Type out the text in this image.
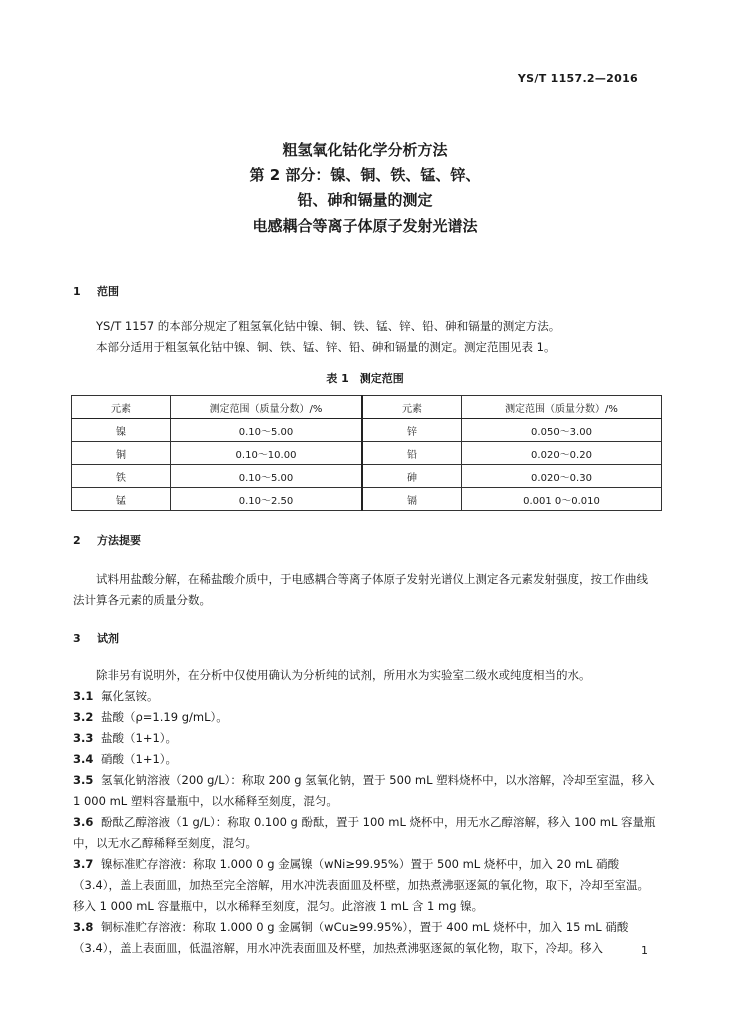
YS/T 1157.2—2016
粗氢氧化钴化学分析方法
第 2 部分：镍、铜、铁、锰、锌、
铅、砷和镉量的测定
电感耦合等离子体原子发射光谱法
1 范围
YS/T 1157 的本部分规定了粗氢氧化钴中镍、铜、铁、锰、锌、铅、砷和镉量的测定方法。
本部分适用于粗氢氧化钴中镍、铜、铁、锰、锌、铅、砷和镉量的测定。测定范围见表 1。
表 1　测定范围
元素	测定范围（质量分数）/%	元素	测定范围（质量分数）/%
镍	0.10～5.00	锌	0.050～3.00
铜	0.10～10.00	铅	0.020～0.20
铁	0.10～5.00	砷	0.020～0.30
锰	0.10～2.50	镉	0.001 0～0.010
2 方法提要
试料用盐酸分解，在稀盐酸介质中，于电感耦合等离子体原子发射光谱仪上测定各元素发射强度，按工作曲线法计算各元素的质量分数。
3 试剂
除非另有说明外，在分析中仅使用确认为分析纯的试剂，所用水为实验室二级水或纯度相当的水。
3.1 氟化氢铵。
3.2 盐酸（ρ=1.19 g/mL）。
3.3 盐酸（1+1）。
3.4 硝酸（1+1）。
3.5 氢氧化钠溶液（200 g/L）：称取 200 g 氢氧化钠，置于 500 mL 塑料烧杯中，以水溶解，冷却至室温，移入 1 000 mL 塑料容量瓶中，以水稀释至刻度，混匀。
3.6 酚酞乙醇溶液（1 g/L）：称取 0.100 g 酚酞，置于 100 mL 烧杯中，用无水乙醇溶解，移入 100 mL 容量瓶中，以无水乙醇稀释至刻度，混匀。
3.7 镍标准贮存溶液：称取 1.000 0 g 金属镍（wNi≥99.95%）置于 500 mL 烧杯中，加入 20 mL 硝酸（3.4），盖上表面皿，加热至完全溶解，用水冲洗表面皿及杯壁，加热煮沸驱逐氮的氧化物，取下，冷却至室温。移入 1 000 mL 容量瓶中，以水稀释至刻度，混匀。此溶液 1 mL 含 1 mg 镍。
3.8 铜标准贮存溶液：称取 1.000 0 g 金属铜（wCu≥99.95%），置于 400 mL 烧杯中，加入 15 mL 硝酸（3.4），盖上表面皿，低温溶解，用水冲洗表面皿及杯壁，加热煮沸驱逐氮的氧化物，取下，冷却。移入	1
